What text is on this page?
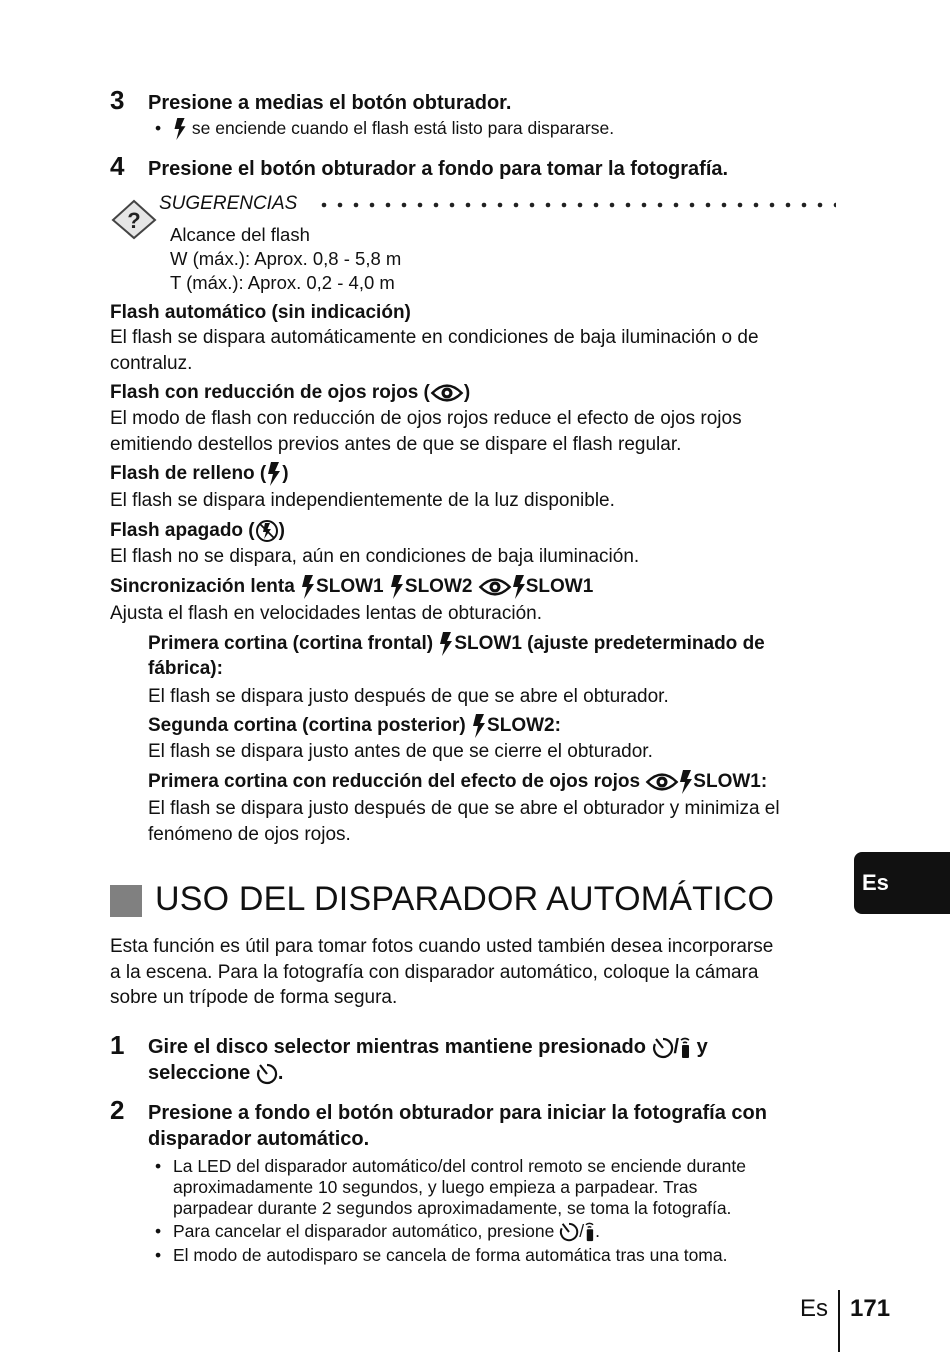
3 Presione a medias el botón obturador.
• se enciende cuando el flash está listo para dispararse.
4 Presione el botón obturador a fondo para tomar la fotografía.
?
SUGERENCIAS
Alcance del flash
W (máx.): Aprox. 0,8 - 5,8 m
T (máx.): Aprox. 0,2 - 4,0 m
Flash automático (sin indicación)
El flash se dispara automáticamente en condiciones de baja iluminación o de
contraluz.
Flash con reducción de ojos rojos ( )
El modo de flash con reducción de ojos rojos reduce el efecto de ojos rojos
emitiendo destellos previos antes de que se dispare el flash regular.
Flash de relleno ( )
El flash se dispara independientemente de la luz disponible.
Flash apagado ( )
El flash no se dispara, aún en condiciones de baja iluminación.
Sincronización lenta SLOW1 SLOW2	SLOW1
Ajusta el flash en velocidades lentas de obturación.
Primera cortina (cortina frontal) SLOW1 (ajuste predeterminado de
fábrica):
El flash se dispara justo después de que se abre el obturador.
Segunda cortina (cortina posterior) SLOW2:
El flash se dispara justo antes de que se cierre el obturador.
Primera cortina con reducción del efecto de ojos rojos	SLOW1:
El flash se dispara justo después de que se abre el obturador y minimiza el
fenómeno de ojos rojos.
Es
USO DEL DISPARADOR AUTOMÁTICO
Esta función es útil para tomar fotos cuando usted también desea incorporarse
a la escena. Para la fotografía con disparador automático, coloque la cámara
sobre un trípode de forma segura.
1 Gire el disco selector mientras mantiene presionado / y
seleccione .
2 Presione a fondo el botón obturador para iniciar la fotografía con
disparador automático.
• La LED del disparador automático/del control remoto se enciende durante
aproximadamente 10 segundos, y luego empieza a parpadear. Tras
parpadear durante 2 segundos aproximadamente, se toma la fotografía.
• Para cancelar el disparador automático, presione / .
• El modo de autodisparo se cancela de forma automática tras una toma.
Es 171
